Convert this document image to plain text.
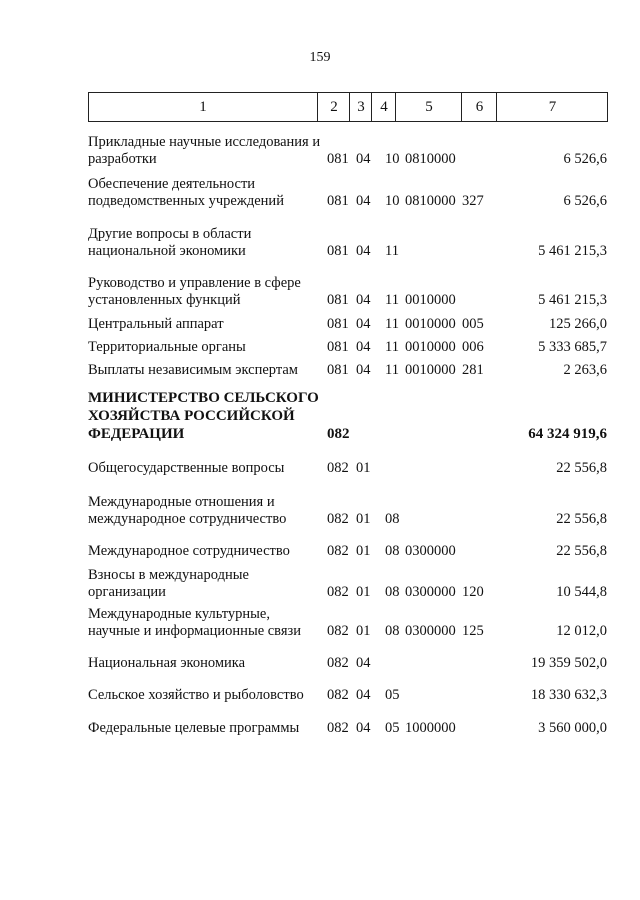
159
1	2	3	4	5	6	7
Прикладные научные исследования и разработки	081 04 10 0810000	6 526,6
Обеспечение деятельности подведомственных учреждений	081 04 10 0810000 327	6 526,6
Другие вопросы в области национальной экономики	081 04 11	5 461 215,3
Руководство и управление в сфере установленных функций	081 04 11 0010000	5 461 215,3
Центральный аппарат	081 04 11 0010000 005	125 266,0
Территориальные органы	081 04 11 0010000 006	5 333 685,7
Выплаты независимым экспертам	081 04 11 0010000 281	2 263,6
МИНИСТЕРСТВО СЕЛЬСКОГО ХОЗЯЙСТВА РОССИЙСКОЙ ФЕДЕРАЦИИ	082	64 324 919,6
Общегосударственные вопросы	082 01	22 556,8
Международные отношения и международное сотрудничество	082 01 08	22 556,8
Международное сотрудничество	082 01 08 0300000	22 556,8
Взносы в международные организации	082 01 08 0300000 120	10 544,8
Международные культурные, научные и информационные связи	082 01 08 0300000 125	12 012,0
Национальная экономика	082 04	19 359 502,0
Сельское хозяйство и рыболовство	082 04 05	18 330 632,3
Федеральные целевые программы	082 04 05 1000000	3 560 000,0
